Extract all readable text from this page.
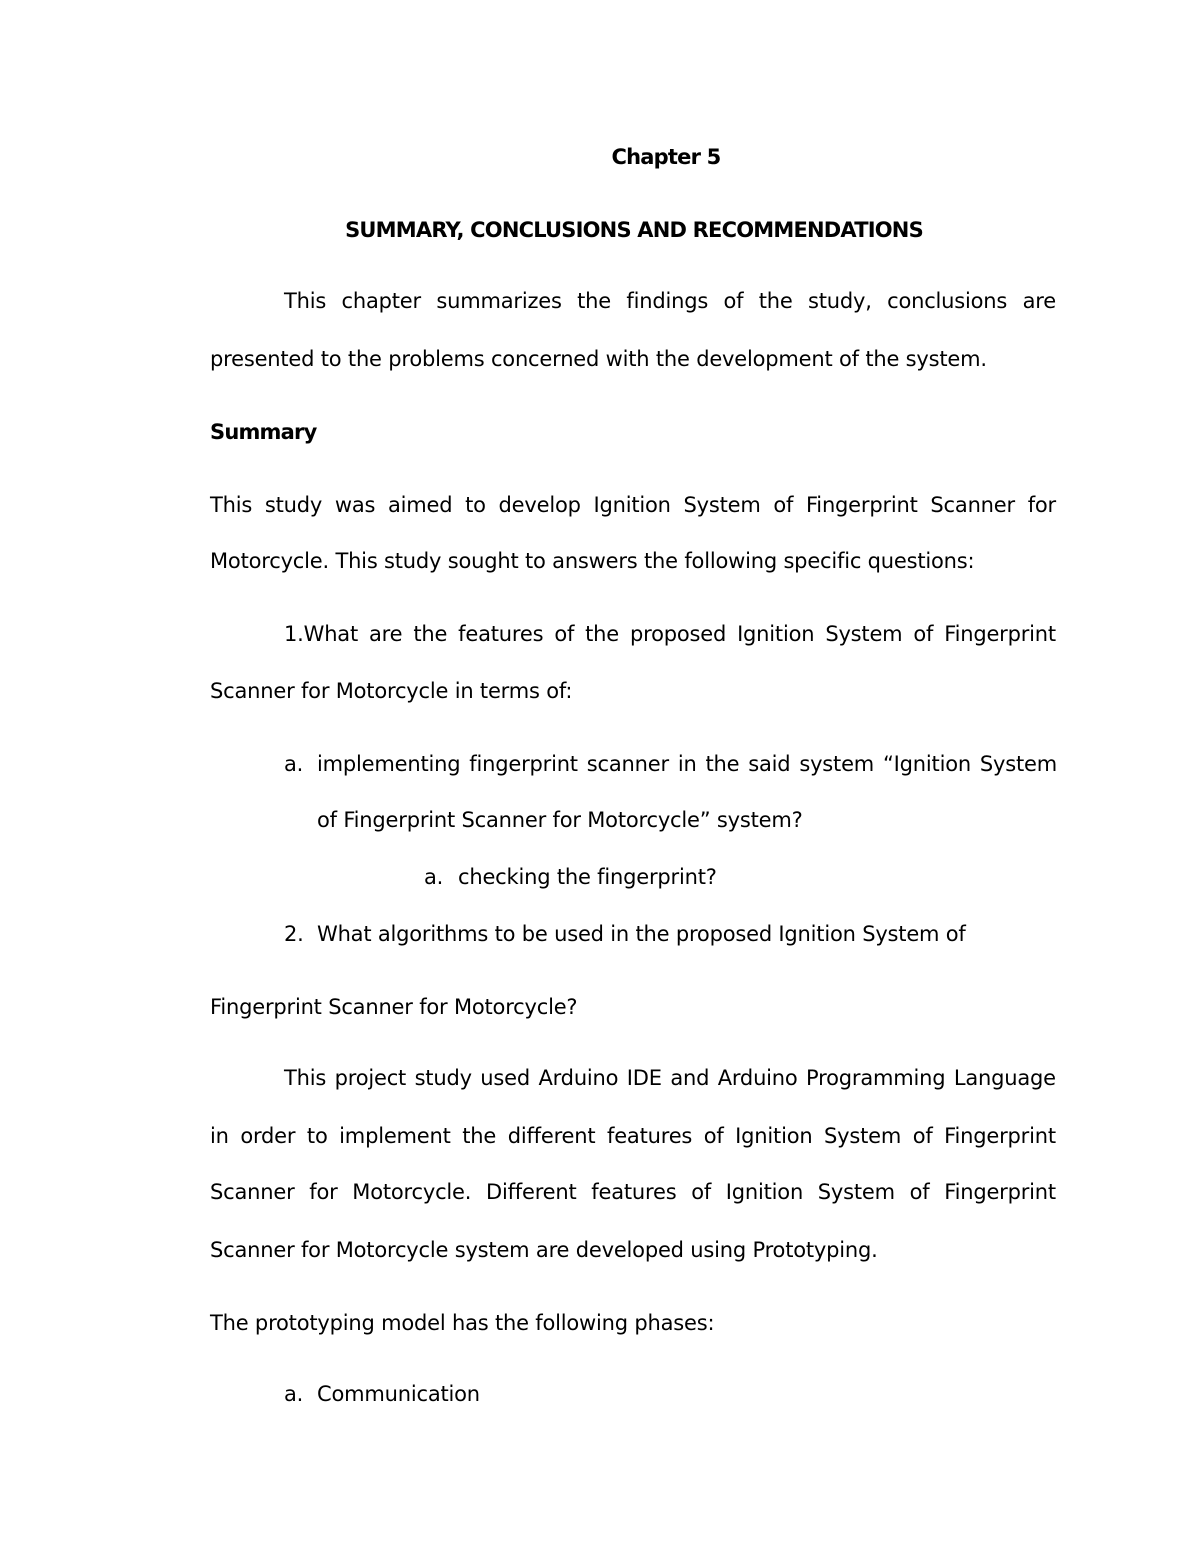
Chapter 5
SUMMARY, CONCLUSIONS AND RECOMMENDATIONS
This chapter summarizes the findings of the study, conclusions are
presented to the problems concerned with the development of the system.
Summary
This study was aimed to develop Ignition System of Fingerprint Scanner for
Motorcycle. This study sought to answers the following specific questions:
1.What are the features of the proposed Ignition System of Fingerprint
Scanner for Motorcycle in terms of:
a. implementing fingerprint scanner in the said system “Ignition System
of Fingerprint Scanner for Motorcycle” system?
a. checking the fingerprint?
2. What algorithms to be used in the proposed Ignition System of
Fingerprint Scanner for Motorcycle?
This project study used Arduino IDE and Arduino Programming Language
in order to implement the different features of Ignition System of Fingerprint
Scanner for Motorcycle. Different features of Ignition System of Fingerprint
Scanner for Motorcycle system are developed using Prototyping.
The prototyping model has the following phases:
a. Communication
